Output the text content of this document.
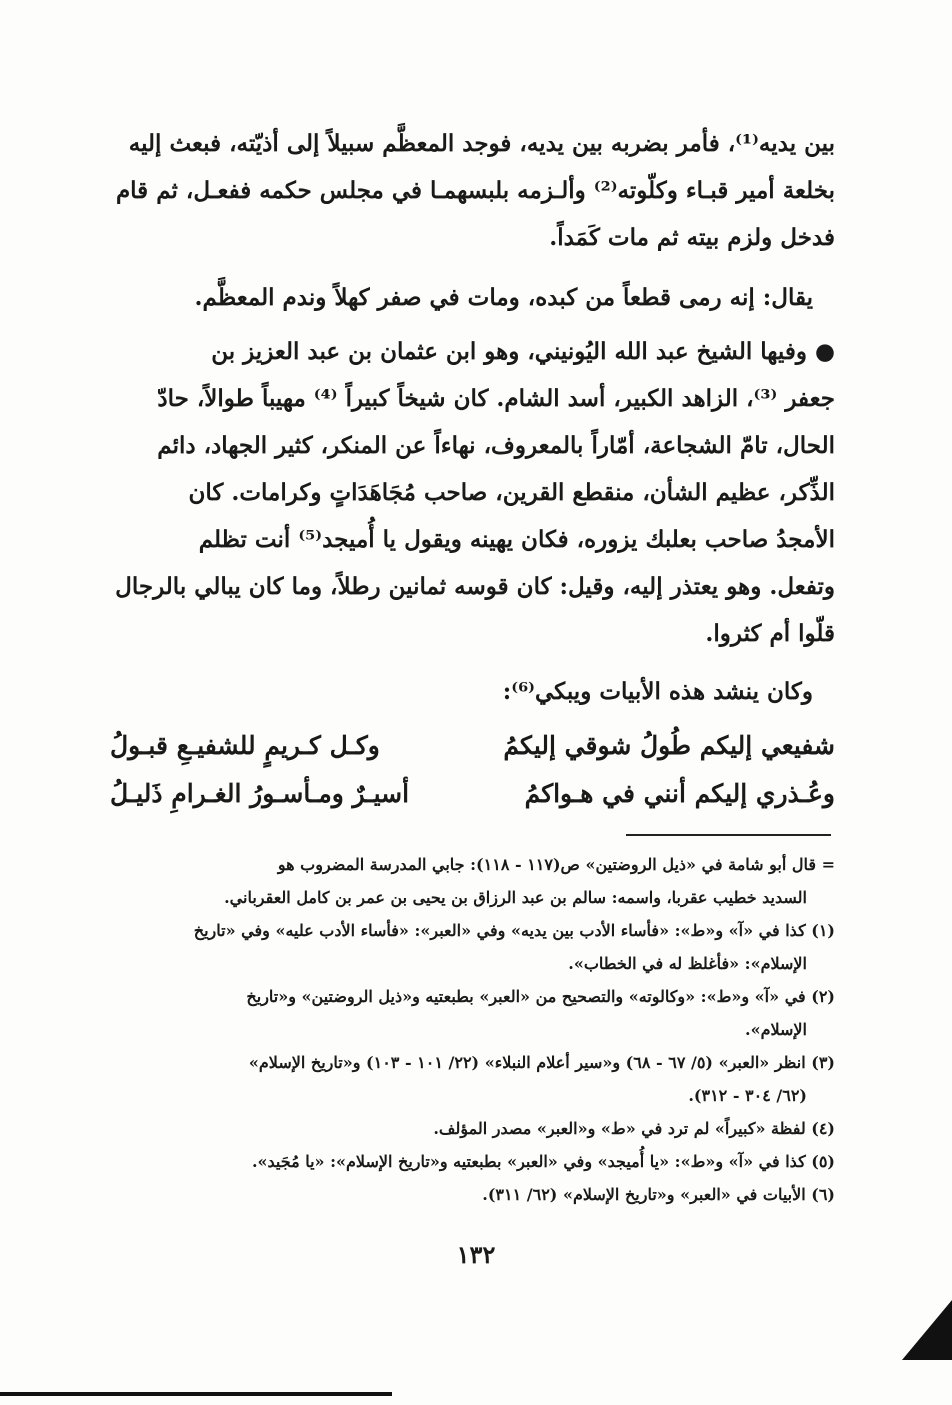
بين يديه⁽¹⁾، فأمر بضربه بين يديه، فوجد المعظَّم سبيلاً إلى أذيّته، فبعث إليه
بخلعة أمير قبـاء وكلّوته⁽²⁾ وألـزمه بلبسهمـا في مجلس حكمه ففعـل، ثم قام
فدخل ولزم بيته ثم مات كَمَداً.
يقال: إنه رمى قطعاً من كبده، ومات في صفر كهلاً وندم المعظَّم.
● وفيها الشيخ عبد الله اليُونيني، وهو ابن عثمان بن عبد العزيز بن
جعفر ⁽³⁾، الزاهد الكبير، أسد الشام. كان شيخاً كبيراً ⁽⁴⁾ مهيباً طوالاً، حادّ
الحال، تامّ الشجاعة، أمّاراً بالمعروف، نهاءاً عن المنكر، كثير الجهاد، دائم
الذِّكر، عظيم الشأن، منقطع القرين، صاحب مُجَاهَدَاتٍ وكرامات. كان
الأمجدُ صاحب بعلبك يزوره، فكان يهينه ويقول يا أُميجد⁽⁵⁾ أنت تظلم
وتفعل. وهو يعتذر إليه، وقيل: كان قوسه ثمانين رطلاً، وما كان يبالي بالرجال
قلّوا أم كثروا.
وكان ينشد هذه الأبيات ويبكي⁽⁶⁾:
شفيعي إليكم طُولُ شوقي إليكمُ
وكـل كـريمٍ للشفيـعِ قبـولُ
وعُـذري إليكم أنني في هـواكمُ
أسيـرٌ ومـأسـورُ الغـرامِ ذَليـلُ
= قال أبو شامة في «ذيل الروضتين» ص(١١٧ - ١١٨): جابي المدرسة المضروب هو
السديد خطيب عقربا، واسمه: سالم بن عبد الرزاق بن يحيى بن عمر بن كامل العقرباني.
(١) كذا في «آ» و«ط»: «فأساء الأدب بين يديه» وفي «العبر»: «فأساء الأدب عليه» وفي «تاريخ
الإسلام»: «فأغلظ له في الخطاب».
(٢) في «آ» و«ط»: «وكالوته» والتصحيح من «العبر» بطبعتيه و«ذيل الروضتين» و«تاريخ
الإسلام».
(٣) انظر «العبر» (٥/ ٦٧ - ٦٨) و«سير أعلام النبلاء» (٢٢/ ١٠١ - ١٠٣) و«تاريخ الإسلام»
(٦٢/ ٣٠٤ - ٣١٢).
(٤) لفظة «كبيراً» لم ترد في «ط» و«العبر» مصدر المؤلف.
(٥) كذا في «آ» و«ط»: «يا أُميجد» وفي «العبر» بطبعتيه و«تاريخ الإسلام»: «يا مُجَيد».
(٦) الأبيات في «العبر» و«تاريخ الإسلام» (٦٢/ ٣١١).
١٣٢
